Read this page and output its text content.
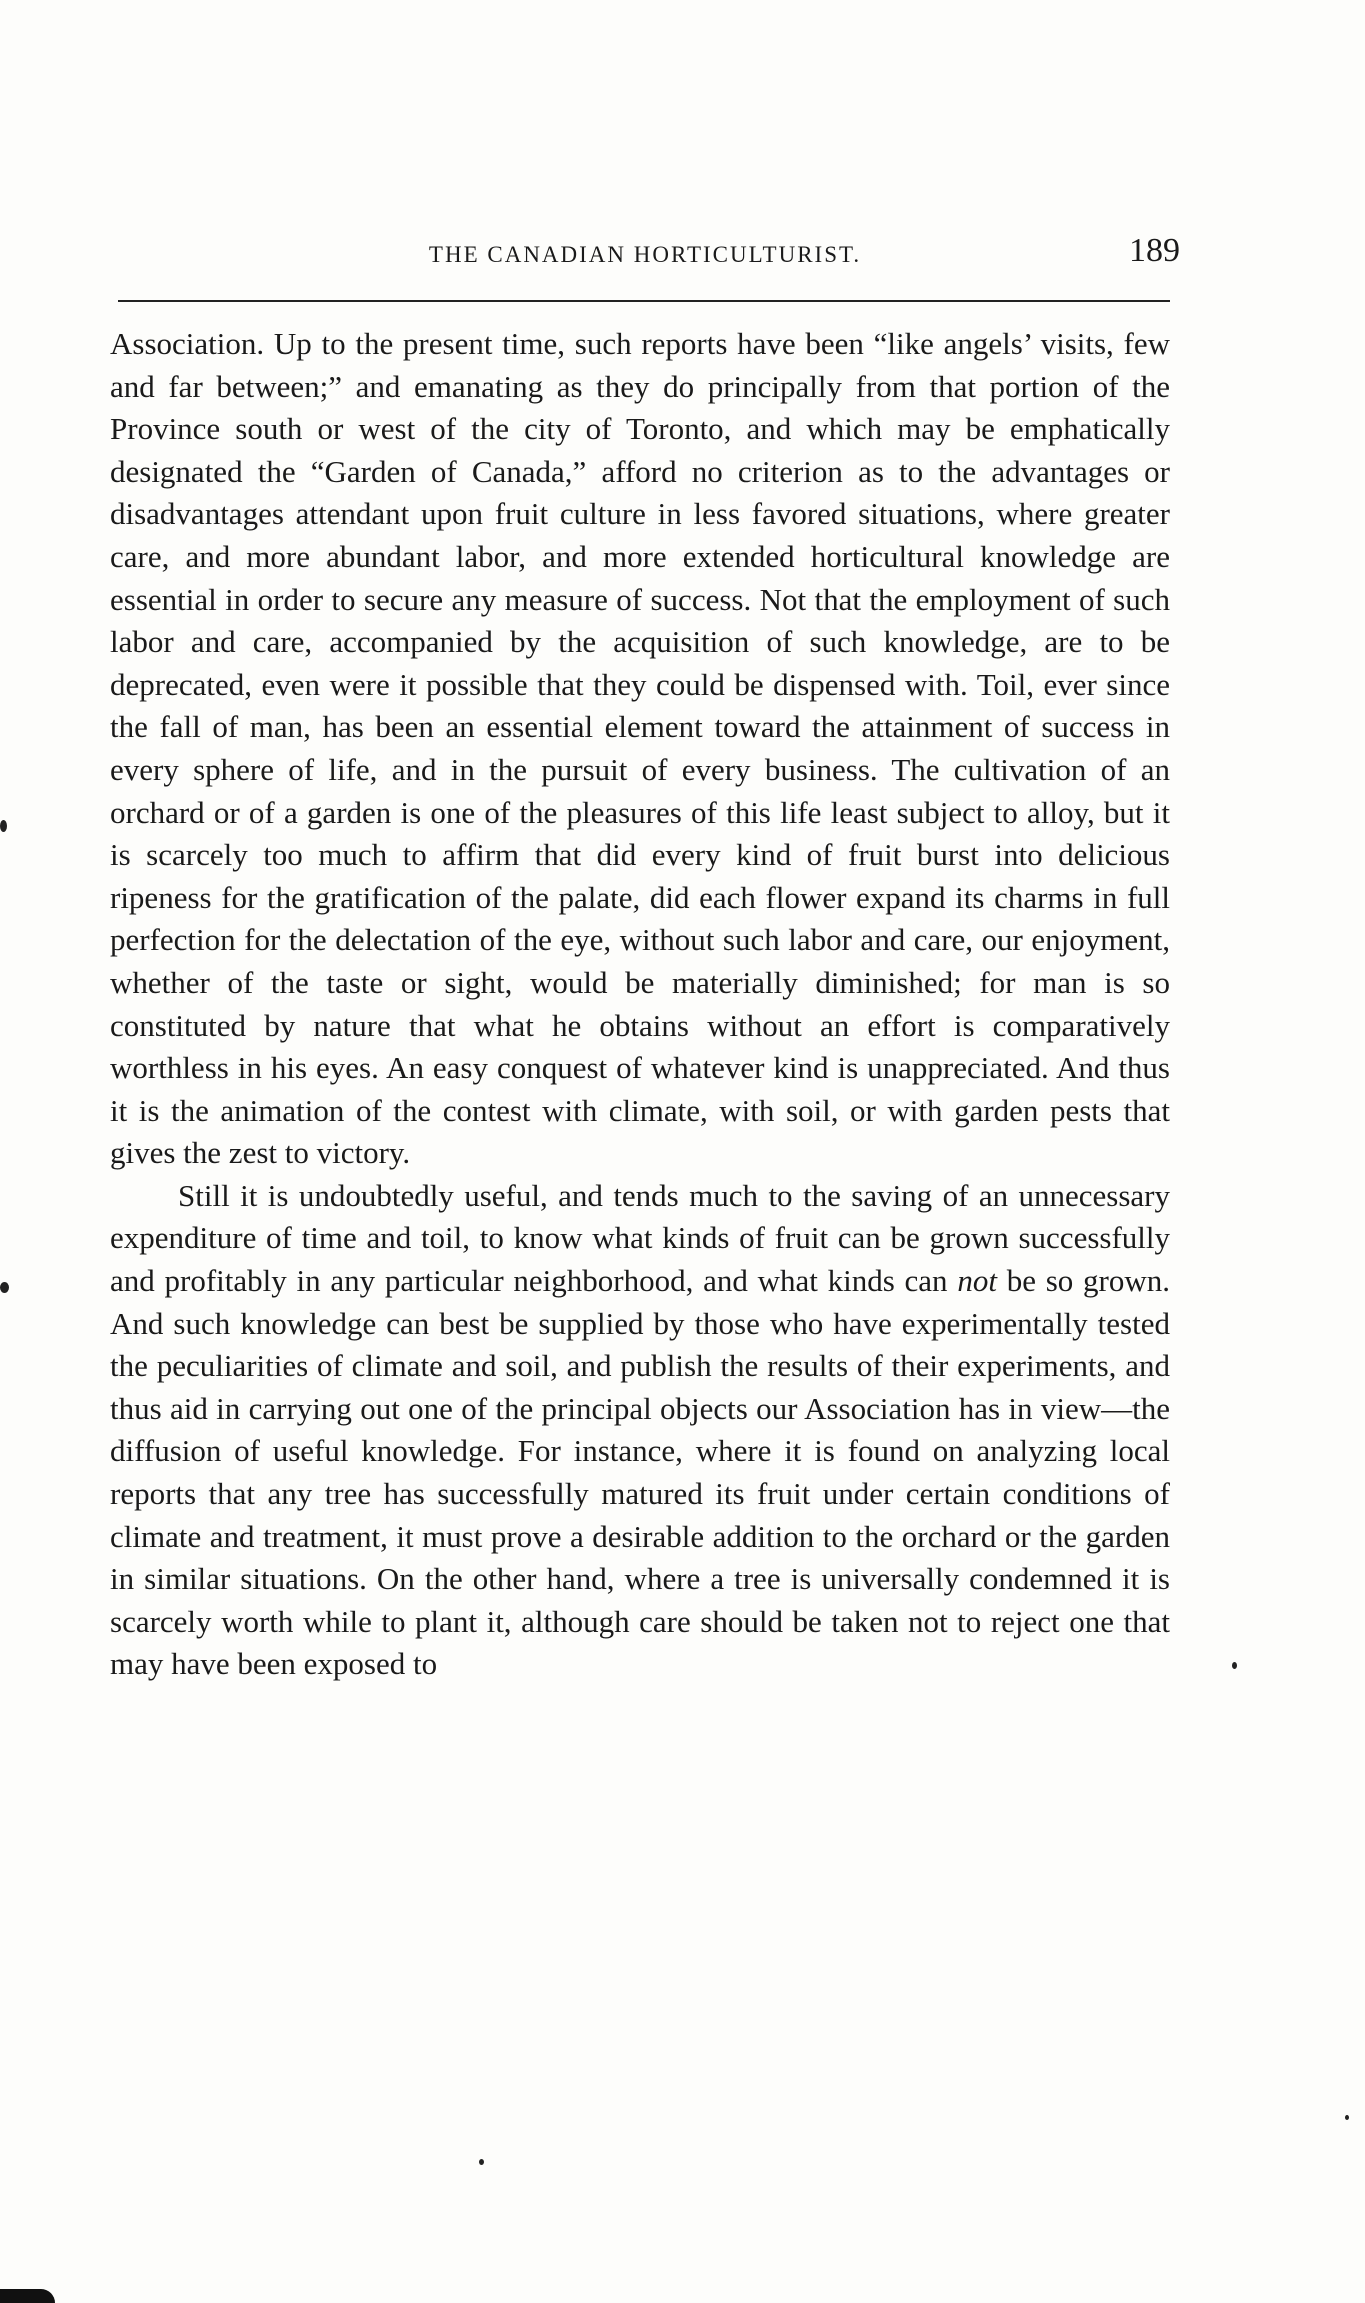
THE CANADIAN HORTICULTURIST.	189

Association. Up to the present time, such reports have been “like angels’ visits, few and far between;” and emanating as they do principally from that portion of the Province south or west of the city of Toronto, and which may be emphatically designated the “Garden of Canada,” afford no criterion as to the advantages or disadvantages attendant upon fruit culture in less favored situations, where greater care, and more abundant labor, and more extended horticultural knowledge are essential in order to secure any measure of success. Not that the employment of such labor and care, accompanied by the acquisition of such knowledge, are to be deprecated, even were it possible that they could be dispensed with. Toil, ever since the fall of man, has been an essential element toward the attainment of success in every sphere of life, and in the pursuit of every business. The cultivation of an orchard or of a garden is one of the pleasures of this life least subject to alloy, but it is scarcely too much to affirm that did every kind of fruit burst into delicious ripeness for the gratification of the palate, did each flower expand its charms in full perfection for the delectation of the eye, without such labor and care, our enjoyment, whether of the taste or sight, would be materially diminished; for man is so constituted by nature that what he obtains without an effort is comparatively worthless in his eyes. An easy conquest of whatever kind is unappreciated. And thus it is the animation of the contest with climate, with soil, or with garden pests that gives the zest to victory.

Still it is undoubtedly useful, and tends much to the saving of an unnecessary expenditure of time and toil, to know what kinds of fruit can be grown successfully and profitably in any particular neighborhood, and what kinds can not be so grown. And such knowledge can best be supplied by those who have experimentally tested the peculiarities of climate and soil, and publish the results of their experiments, and thus aid in carrying out one of the principal objects our Association has in view—the diffusion of useful knowledge. For instance, where it is found on analyzing local reports that any tree has successfully matured its fruit under certain conditions of climate and treatment, it must prove a desirable addition to the orchard or the garden in similar situations. On the other hand, where a tree is universally condemned it is scarcely worth while to plant it, although care should be taken not to reject one that may have been exposed to
